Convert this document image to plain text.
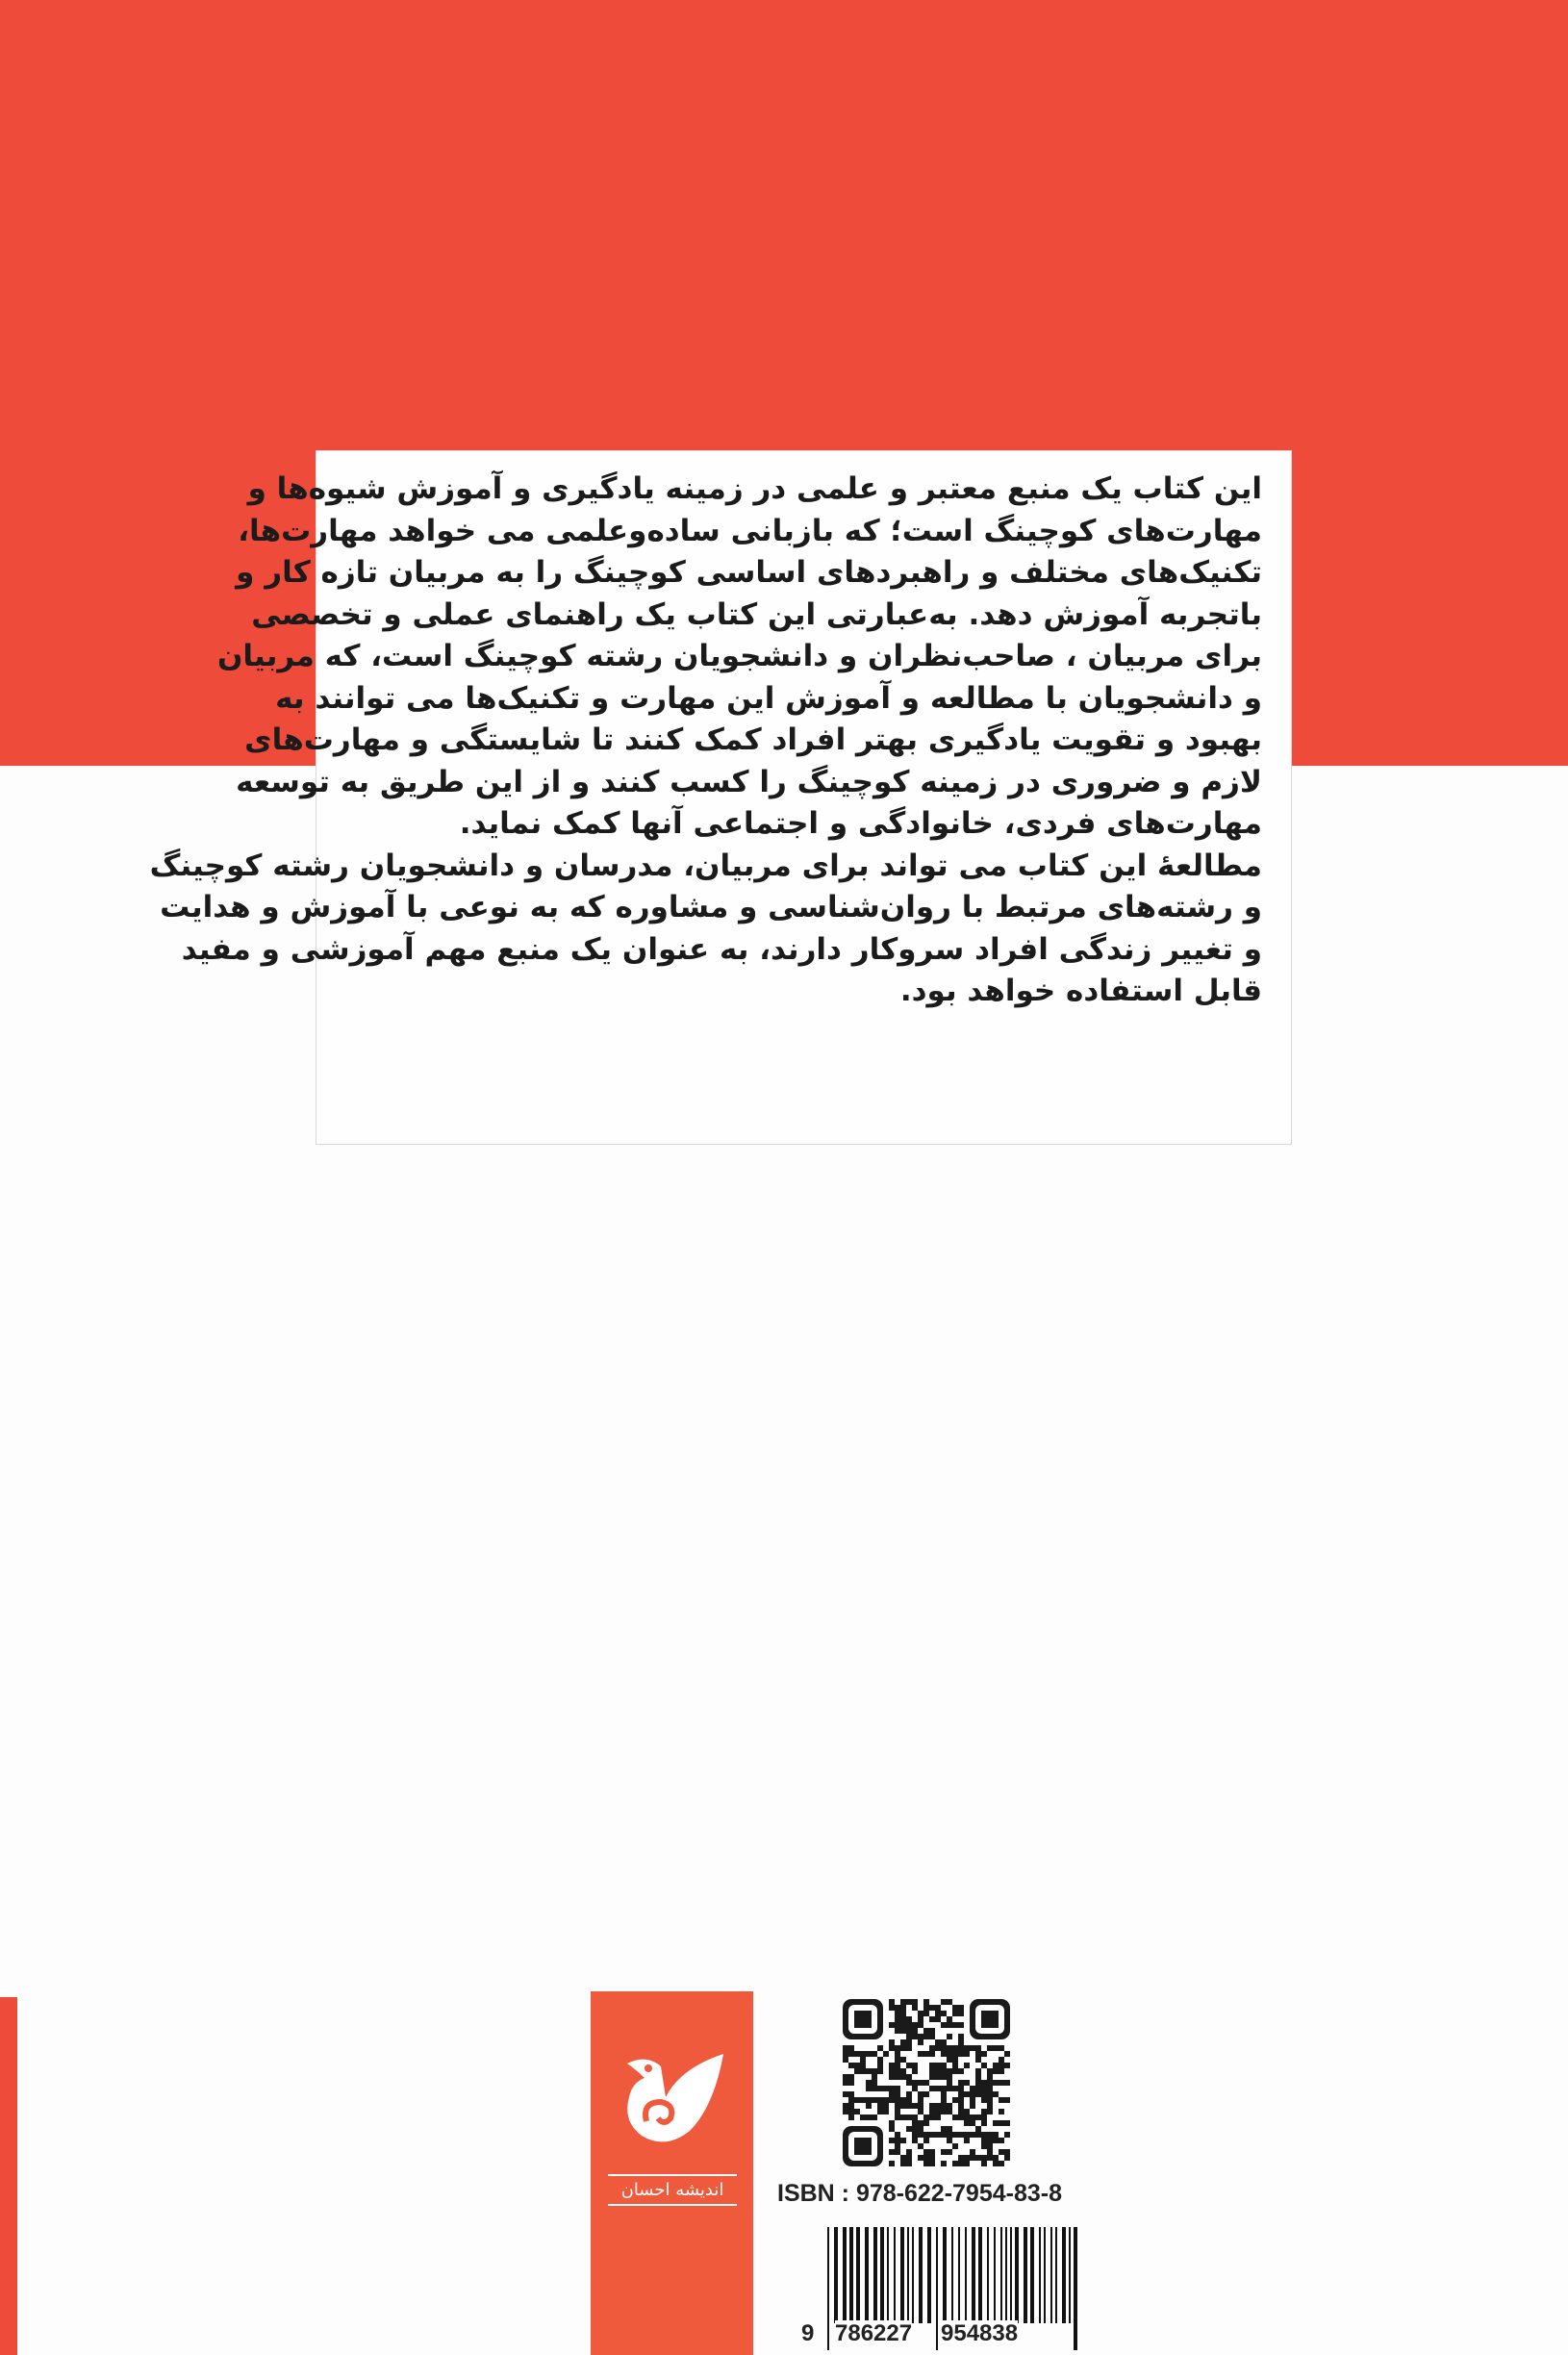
این کتاب یک منبع معتبر و علمی در زمینه یادگیری و آموزش شیوه‌ها و
مهارت‌های کوچینگ است؛ که بازبانی ساده‌وعلمی می خواهد مهارت‌ها،
تکنیک‌های مختلف و راهبردهای اساسی کوچینگ را به مربیان تازه کار و
باتجربه آموزش دهد. به‌عبارتی این کتاب یک راهنمای عملی و تخصصی
برای مربیان ، صاحب‌نظران و دانشجویان رشته کوچینگ است، که مربیان
و دانشجویان با مطالعه و آموزش این مهارت و تکنیک‌ها می توانند به
بهبود و تقویت یادگیری بهتر افراد کمک کنند تا شایستگی و مهارت‌های
لازم و ضروری در زمینه کوچینگ را کسب کنند و از این طریق به توسعه
مهارت‌های فردی، خانوادگی و اجتماعی آنها کمک نماید.
مطالعهٔ این کتاب می تواند برای مربیان، مدرسان و دانشجویان رشته کوچینگ
و رشته‌های مرتبط با روان‌شناسی و مشاوره که به نوعی با آموزش و هدایت
و تغییر زندگی افراد سروکار دارند، به عنوان یک منبع مهم آموزشی و مفید
قابل استفاده خواهد بود.
اندیشه احسان	ISBN : 978-622-7954-83-8
9 786227 954838
